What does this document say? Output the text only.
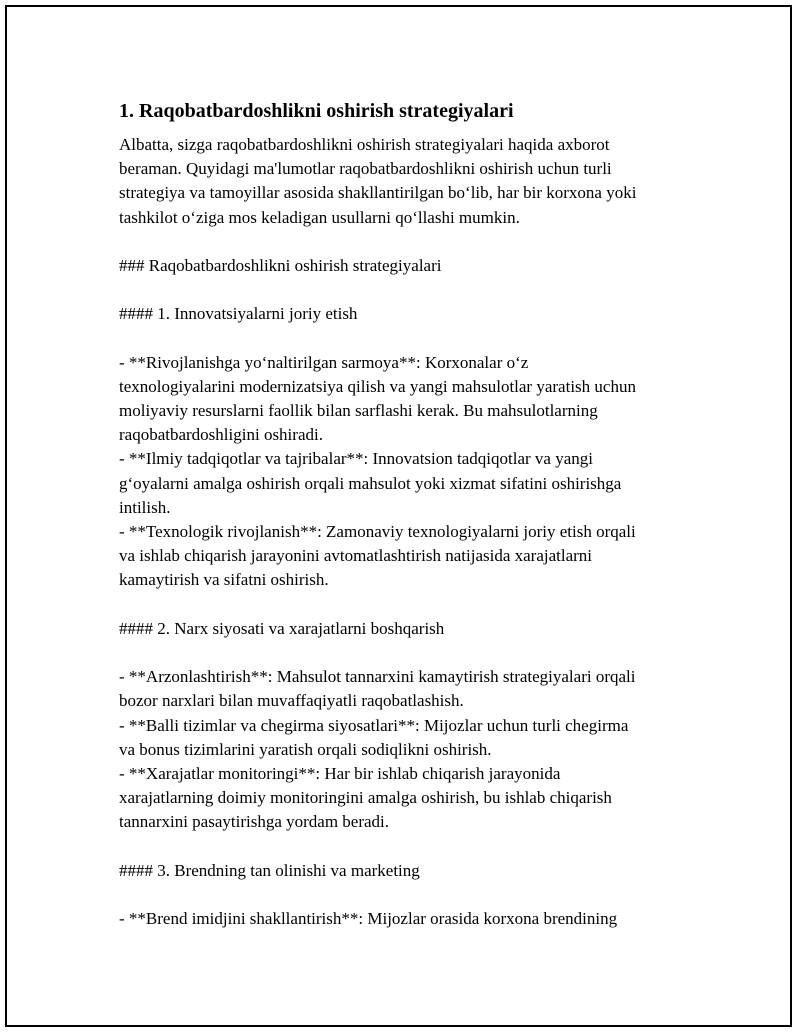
1. Raqobatbardoshlikni oshirish strategiyalari
Albatta, sizga raqobatbardoshlikni oshirish strategiyalari haqida axborot
beraman. Quyidagi ma'lumotlar raqobatbardoshlikni oshirish uchun turli
strategiya va tamoyillar asosida shakllantirilgan bo‘lib, har bir korxona yoki
tashkilot o‘ziga mos keladigan usullarni qo‘llashi mumkin.
### Raqobatbardoshlikni oshirish strategiyalari
#### 1. Innovatsiyalarni joriy etish
- **Rivojlanishga yo‘naltirilgan sarmoya**: Korxonalar o‘z
texnologiyalarini modernizatsiya qilish va yangi mahsulotlar yaratish uchun
moliyaviy resurslarni faollik bilan sarflashi kerak. Bu mahsulotlarning
raqobatbardoshligini oshiradi.
- **Ilmiy tadqiqotlar va tajribalar**: Innovatsion tadqiqotlar va yangi
g‘oyalarni amalga oshirish orqali mahsulot yoki xizmat sifatini oshirishga
intilish.
- **Texnologik rivojlanish**: Zamonaviy texnologiyalarni joriy etish orqali
va ishlab chiqarish jarayonini avtomatlashtirish natijasida xarajatlarni
kamaytirish va sifatni oshirish.
#### 2. Narx siyosati va xarajatlarni boshqarish
- **Arzonlashtirish**: Mahsulot tannarxini kamaytirish strategiyalari orqali
bozor narxlari bilan muvaffaqiyatli raqobatlashish.
- **Balli tizimlar va chegirma siyosatlari**: Mijozlar uchun turli chegirma
va bonus tizimlarini yaratish orqali sodiqlikni oshirish.
- **Xarajatlar monitoringi**: Har bir ishlab chiqarish jarayonida
xarajatlarning doimiy monitoringini amalga oshirish, bu ishlab chiqarish
tannarxini pasaytirishga yordam beradi.
#### 3. Brendning tan olinishi va marketing
- **Brend imidjini shakllantirish**: Mijozlar orasida korxona brendining
